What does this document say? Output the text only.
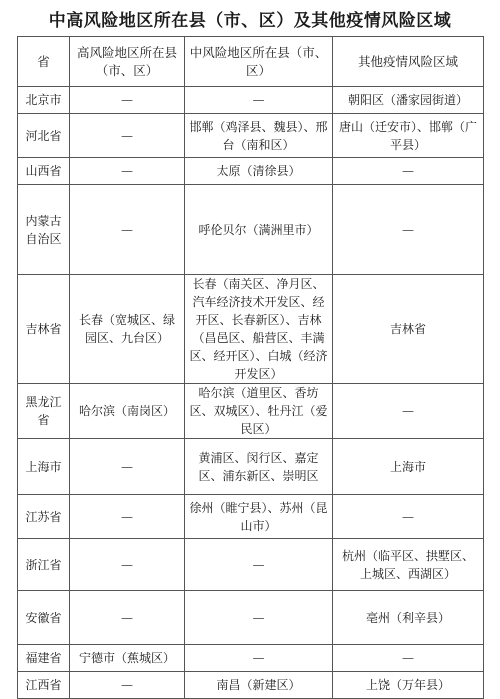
中高风险地区所在县（市、区）及其他疫情风险区域
省	高风险地区所在县（市、区）	中风险地区所在县（市、区）	其他疫情风险区域
北京市	—	—	朝阳区（潘家园街道）
河北省	—	邯郸（鸡泽县、魏县）、邢台（南和区）	唐山（迁安市）、邯郸（广平县）
山西省	—	太原（清徐县）	—
内蒙古自治区	—	呼伦贝尔（满洲里市）	—
吉林省	长春（宽城区、绿园区、九台区）	长春（南关区、净月区、汽车经济技术开发区、经开区、长春新区）、吉林（昌邑区、船营区、丰满区、经开区）、白城（经济开发区）	吉林省
黑龙江省	哈尔滨（南岗区）	哈尔滨（道里区、香坊区、双城区）、牡丹江（爱民区）	—
上海市	—	黄浦区、闵行区、嘉定区、浦东新区、崇明区	上海市
江苏省	—	徐州（睢宁县）、苏州（昆山市）	—
浙江省	—	—	杭州（临平区、拱墅区、上城区、西湖区）
安徽省	—	—	亳州（利辛县）
福建省	宁德市（蕉城区）	—	—
江西省	—	南昌（新建区）	上饶（万年县）
